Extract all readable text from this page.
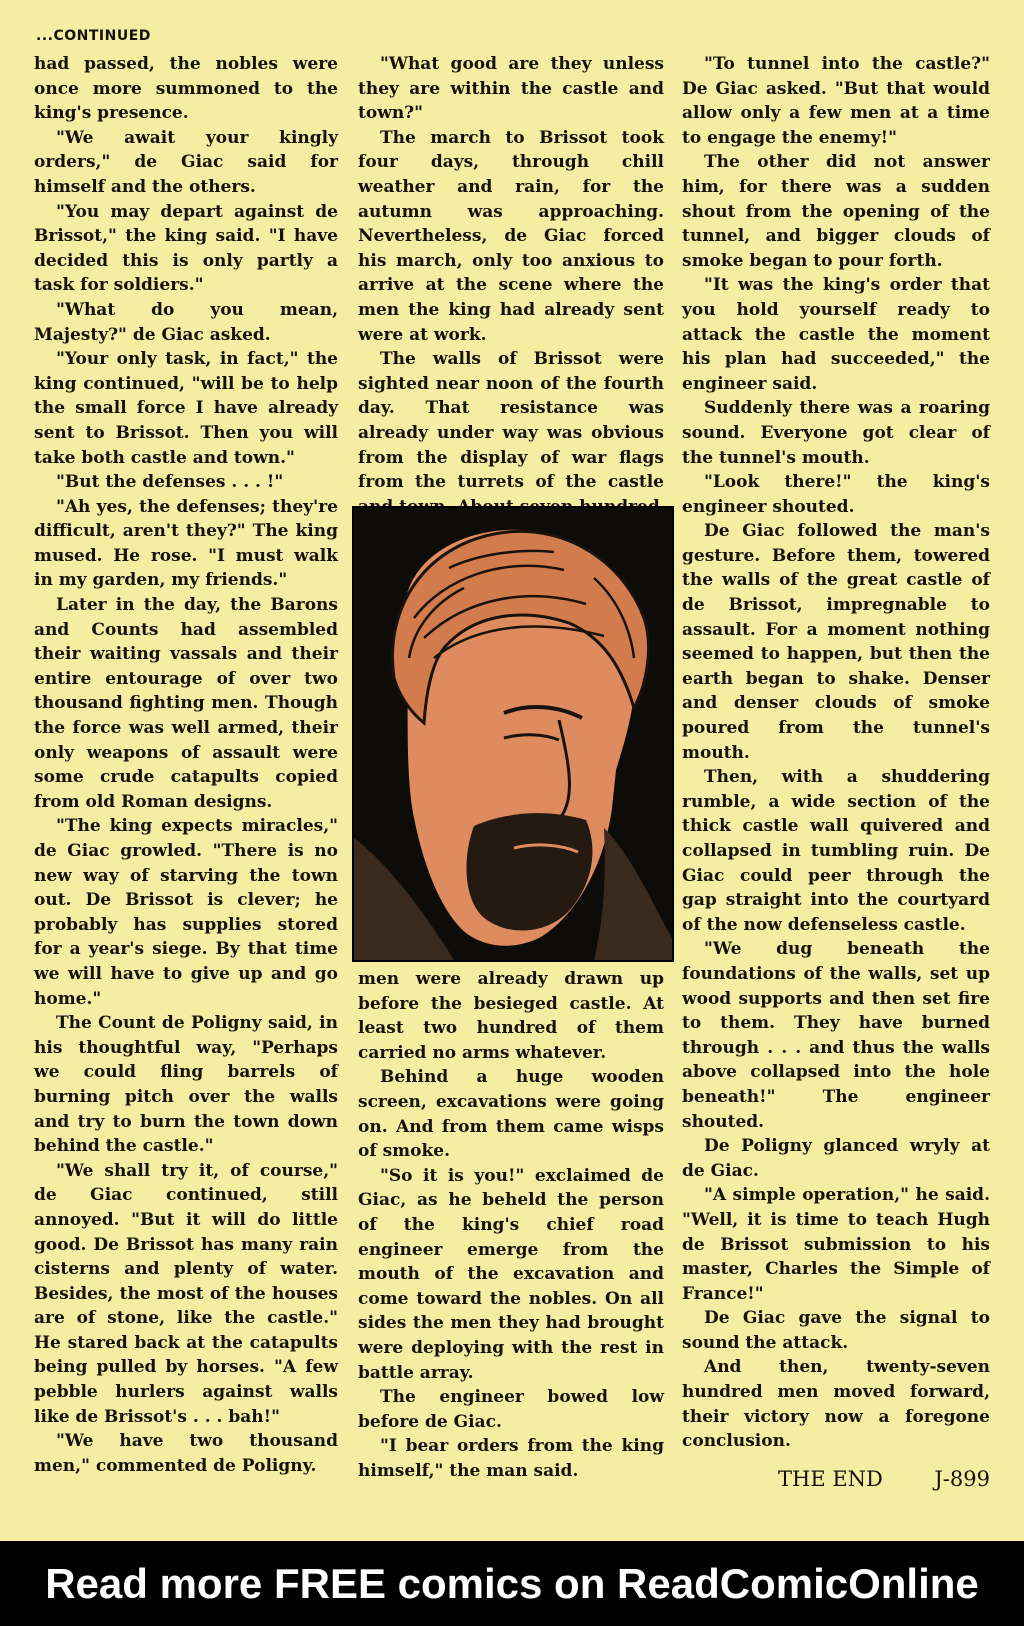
...CONTINUED

had passed, the nobles were once more summoned to the king's presence.

"We await your kingly orders," de Giac said for himself and the others.

"You may depart against de Brissot," the king said. "I have decided this is only partly a task for soldiers."

"What do you mean, Majesty?" de Giac asked.

"Your only task, in fact," the king continued, "will be to help the small force I have already sent to Brissot. Then you will take both castle and town."

"But the defenses . . . !"

"Ah yes, the defenses; they're difficult, aren't they?" The king mused. He rose. "I must walk in my garden, my friends."

Later in the day, the Barons and Counts had assembled their waiting vassals and their entire entourage of over two thousand fighting men. Though the force was well armed, their only weapons of assault were some crude catapults copied from old Roman designs.

"The king expects miracles," de Giac growled. "There is no new way of starving the town out. De Brissot is clever; he probably has supplies stored for a year's siege. By that time we will have to give up and go home."

The Count de Poligny said, in his thoughtful way, "Perhaps we could fling barrels of burning pitch over the walls and try to burn the town down behind the castle."

"We shall try it, of course," de Giac continued, still annoyed. "But it will do little good. De Brissot has many rain cisterns and plenty of water. Besides, the most of the houses are of stone, like the castle." He stared back at the catapults being pulled by horses. "A few pebble hurlers against walls like de Brissot's . . . bah!"

"We have two thousand men," commented de Poligny.

"What good are they unless they are within the castle and town?"

The march to Brissot took four days, through chill weather and rain, for the autumn was approaching. Nevertheless, de Giac forced his march, only too anxious to arrive at the scene where the men the king had already sent were at work.

The walls of Brissot were sighted near noon of the fourth day. That resistance was already under way was obvious from the display of war flags from the turrets of the castle

men were already drawn up before the besieged castle. At least two hundred of them carried no arms whatever.

Behind a huge wooden screen, excavations were going on. And from them came wisps of smoke.

"So it is you!" exclaimed de Giac, as he beheld the person of the king's chief road engineer emerge from the mouth of the excavation and come toward the nobles. On all sides the men they had brought were deploying with the rest in battle array.

The engineer bowed low before de Giac.

"I bear orders from the king himself," the man said.

"To tunnel into the castle?" De Giac asked. "But that would allow only a few men at a time to engage the enemy!"

The other did not answer him, for there was a sudden shout from the opening of the tunnel, and bigger clouds of smoke began to pour forth.

"It was the king's order that you hold yourself ready to attack the castle the moment his plan had succeeded," the engineer said.

Suddenly there was a roaring sound. Everyone got clear of the tunnel's mouth.

"Look there!" the king's engineer shouted.

De Giac followed the man's gesture. Before them, towered the walls of the great castle of de Brissot, impregnable to assault. For a moment nothing seemed to happen, but then the earth began to shake. Denser and denser clouds of smoke poured from the tunnel's mouth.

Then, with a shuddering rumble, a wide section of the thick castle wall quivered and collapsed in tumbling ruin. De Giac could peer through the gap straight into the courtyard of the now defenseless castle.

"We dug beneath the foundations of the walls, set up wood supports and then set fire to them. They have burned through . . . and thus the walls above collapsed into the hole beneath!" The engineer shouted.

De Poligny glanced wryly at de Giac.

"A simple operation," he said. "Well, it is time to teach Hugh de Brissot submission to his master, Charles the Simple of France!"

De Giac gave the signal to sound the attack.

And then, twenty-seven hundred men moved forward, their victory now a foregone conclusion.

THE END J-899
Read more FREE comics on ReadComicOnline
